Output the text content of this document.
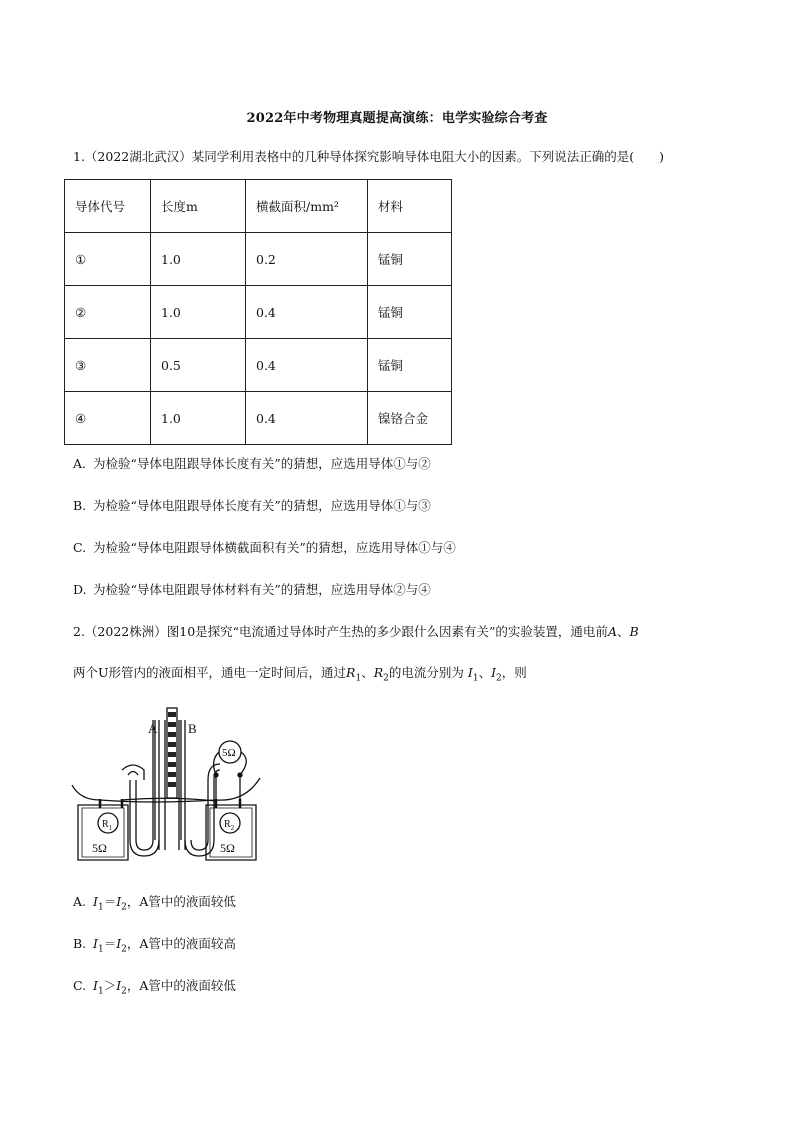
2022年中考物理真题提高演练：电学实验综合考查
1.（2022湖北武汉）某同学利用表格中的几种导体探究影响导体电阻大小的因素。下列说法正确的是(　　)
导体代号	长度m	横截面积/mm²	材料
①	1.0	0.2	锰铜
②	1.0	0.4	锰铜
③	0.5	0.4	锰铜
④	1.0	0.4	镍铬合金
A. 为检验“导体电阻跟导体长度有关”的猜想，应选用导体①与②
B. 为检验“导体电阻跟导体长度有关”的猜想，应选用导体①与③
C. 为检验“导体电阻跟导体横截面积有关”的猜想，应选用导体①与④
D. 为检验“导体电阻跟导体材料有关”的猜想，应选用导体②与④
2.（2022株洲）图10是探究“电流通过导体时产生热的多少跟什么因素有关”的实验装置，通电前A、B
两个U形管内的液面相平，通电一定时间后，通过$R_1$、$R_2$的电流分别为 $I_1$、$I_2$，则
A B
5Ω
$R_1$	$R_2$
5Ω	5Ω
A. $I_1=I_2$，A管中的液面较低
B. $I_1=I_2$，A管中的液面较高
C. $I_1>I_2$，A管中的液面较低
